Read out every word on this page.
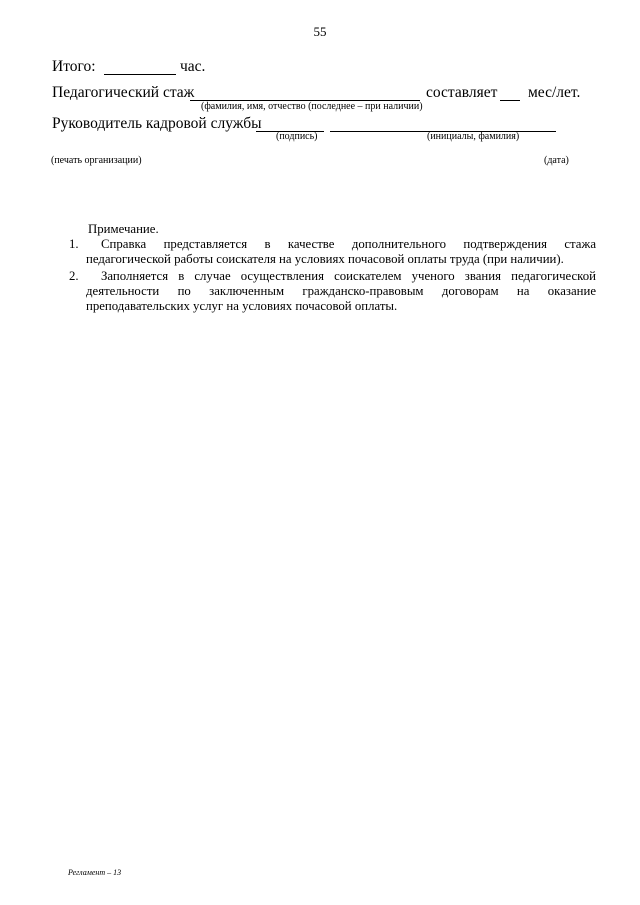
55
Итого:	час.
Педагогический стаж	составляет мес/лет.
(фамилия, имя, отчество (последнее – при наличии)
Руководитель кадровой службы
(подпись)	(инициалы, фамилия)
(печать организации)	(дата)
Примечание.
1. Справка представляется в качестве дополнительного подтверждения стажа
педагогической работы соискателя на условиях почасовой оплаты труда (при наличии).
2. Заполняется в случае осуществления соискателем ученого звания педагогической
деятельности по заключенным гражданско-правовым договорам на оказание
преподавательских услуг на условиях почасовой оплаты.
Регламент – 13
